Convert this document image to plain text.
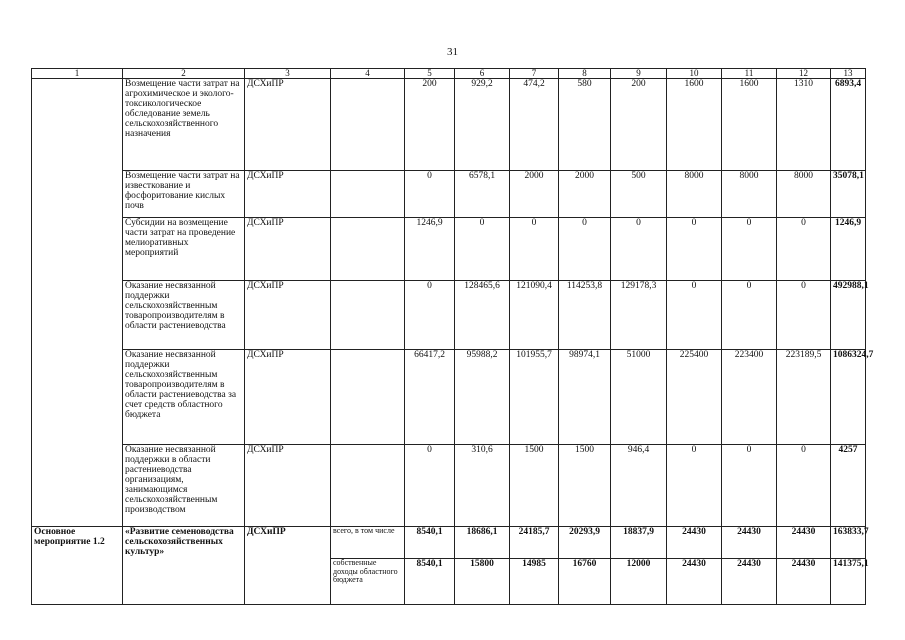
31
1	2	3	4	5	6	7	8	9	10	11	12	13
	Возмещение части затрат на агрохимическое и эколого-токсикологическое обследование земель сельскохозяйственного назначения	ДСХиПР		200	929,2	474,2	580	200	1600	1600	1310	6893,4
	Возмещение части затрат на известкование и фосфоритование кислых почв	ДСХиПР		0	6578,1	2000	2000	500	8000	8000	8000	35078,1
	Субсидии на возмещение части затрат на проведение мелиоративных мероприятий	ДСХиПР		1246,9	0	0	0	0	0	0	0	1246,9
	Оказание несвязанной поддержки сельскохозяйственным товаропроизводителям в области растениеводства	ДСХиПР		0	128465,6	121090,4	114253,8	129178,3	0	0	0	492988,1
	Оказание несвязанной поддержки сельскохозяйственным товаропроизводителям в области растениеводства за счет средств областного бюджета	ДСХиПР		66417,2	95988,2	101955,7	98974,1	51000	225400	223400	223189,5	1086324,7
	Оказание несвязанной поддержки в области растениеводства организациям, занимающимся сельскохозяйственным производством	ДСХиПР		0	310,6	1500	1500	946,4	0	0	0	4257
Основное мероприятие 1.2	«Развитие семеноводства сельскохозяйственных культур»	ДСХиПР	всего, в том числе	8540,1	18686,1	24185,7	20293,9	18837,9	24430	24430	24430	163833,7
			собственные доходы областного бюджета	8540,1	15800	14985	16760	12000	24430	24430	24430	141375,1
